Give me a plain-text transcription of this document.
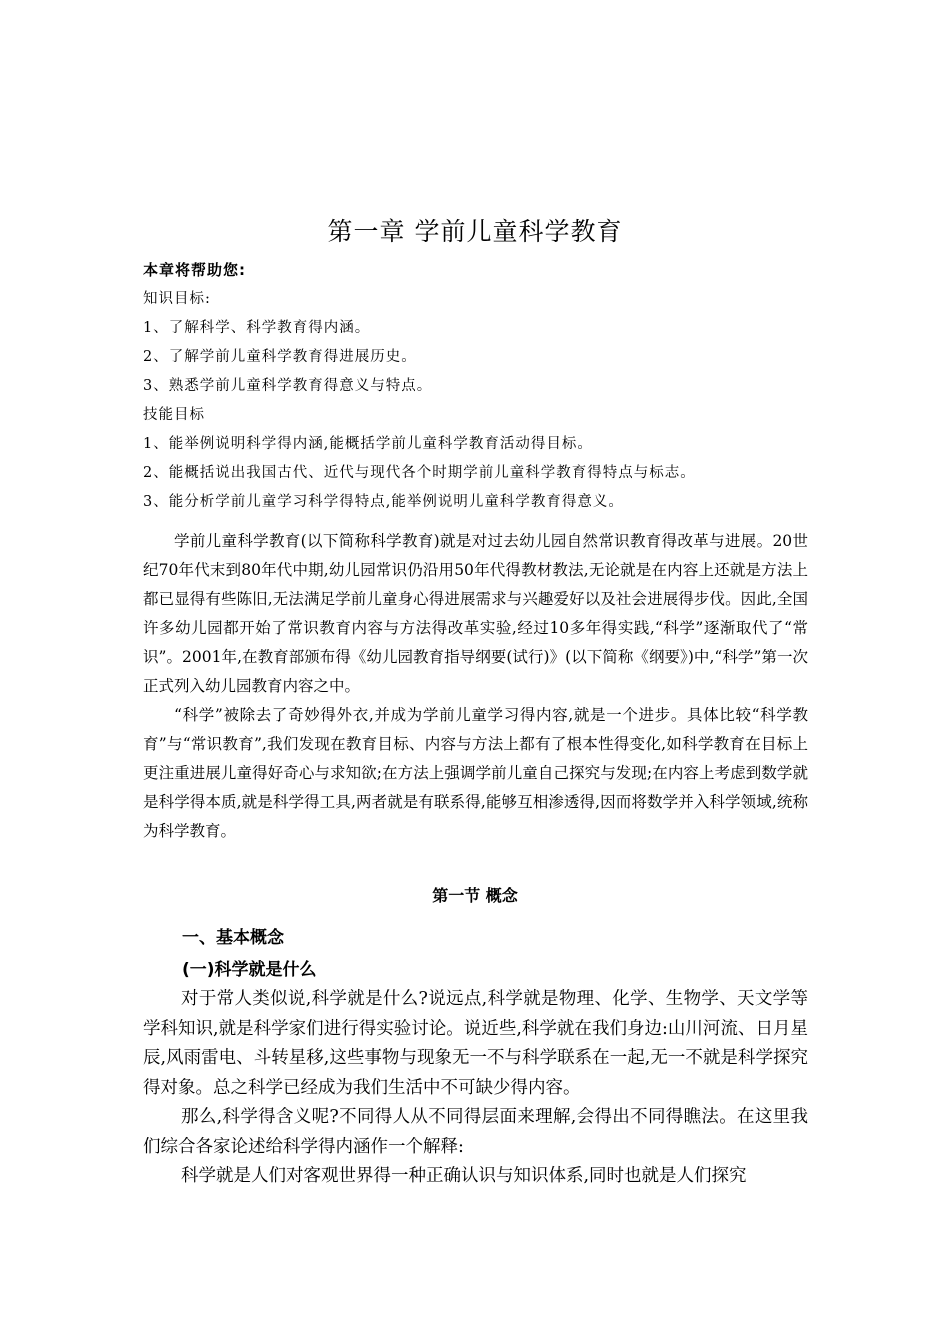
第一章 学前儿童科学教育
本章将帮助您:
知识目标:
1、了解科学、科学教育得内涵。
2、了解学前儿童科学教育得进展历史。
3、熟悉学前儿童科学教育得意义与特点。
技能目标
1、能举例说明科学得内涵,能概括学前儿童科学教育活动得目标。
2、能概括说出我国古代、近代与现代各个时期学前儿童科学教育得特点与标志。
3、能分析学前儿童学习科学得特点,能举例说明儿童科学教育得意义。

学前儿童科学教育(以下简称科学教育)就是对过去幼儿园自然常识教育得改革与进展。20世纪70年代末到80年代中期,幼儿园常识仍沿用50年代得教材教法,无论就是在内容上还就是方法上都已显得有些陈旧,无法满足学前儿童身心得进展需求与兴趣爱好以及社会进展得步伐。因此,全国许多幼儿园都开始了常识教育内容与方法得改革实验,经过10多年得实践,“科学”逐渐取代了“常识”。2001年,在教育部颁布得《幼儿园教育指导纲要(试行)》(以下简称《纲要》)中,“科学”第一次正式列入幼儿园教育内容之中。

“科学”被除去了奇妙得外衣,并成为学前儿童学习得内容,就是一个进步。具体比较“科学教育”与“常识教育”,我们发现在教育目标、内容与方法上都有了根本性得变化,如科学教育在目标上更注重进展儿童得好奇心与求知欲;在方法上强调学前儿童自己探究与发现;在内容上考虑到数学就是科学得本质,就是科学得工具,两者就是有联系得,能够互相渗透得,因而将数学并入科学领域,统称为科学教育。

第一节 概念
一、基本概念
(一)科学就是什么

对于常人类似说,科学就是什么?说远点,科学就是物理、化学、生物学、天文学等学科知识,就是科学家们进行得实验讨论。说近些,科学就在我们身边:山川河流、日月星辰,风雨雷电、斗转星移,这些事物与现象无一不与科学联系在一起,无一不就是科学探究得对象。总之科学已经成为我们生活中不可缺少得内容。

那么,科学得含义呢?不同得人从不同得层面来理解,会得出不同得瞧法。在这里我们综合各家论述给科学得内涵作一个解释:

科学就是人们对客观世界得一种正确认识与知识体系,同时也就是人们探究
